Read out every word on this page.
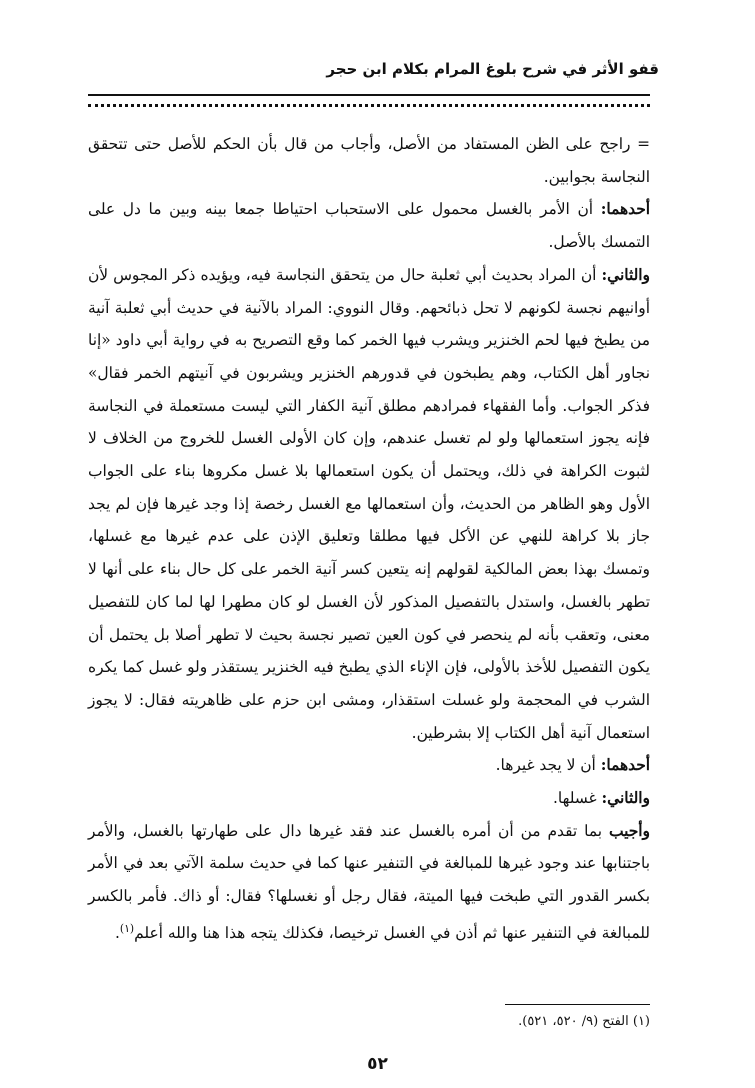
قفو الأثر في شرح بلوغ المرام بكلام ابن حجر

= راجح على الظن المستفاد من الأصل، وأجاب من قال بأن الحكم للأصل حتى تتحقق النجاسة بجوابين.

أحدهما: أن الأمر بالغسل محمول على الاستحباب احتياطا جمعا بينه وبين ما دل على التمسك بالأصل.

والثاني: أن المراد بحديث أبي ثعلبة حال من يتحقق النجاسة فيه، ويؤيده ذكر المجوس لأن أوانيهم نجسة لكونهم لا تحل ذبائحهم. وقال النووي: المراد بالآنية في حديث أبي ثعلبة آنية من يطبخ فيها لحم الخنزير ويشرب فيها الخمر كما وقع التصريح به في رواية أبي داود «إنا نجاور أهل الكتاب، وهم يطبخون في قدورهم الخنزير ويشربون في آنيتهم الخمر فقال» فذكر الجواب. وأما الفقهاء فمرادهم مطلق آنية الكفار التي ليست مستعملة في النجاسة فإنه يجوز استعمالها ولو لم تغسل عندهم، وإن كان الأولى الغسل للخروج من الخلاف لا لثبوت الكراهة في ذلك، ويحتمل أن يكون استعمالها بلا غسل مكروها بناء على الجواب الأول وهو الظاهر من الحديث، وأن استعمالها مع الغسل رخصة إذا وجد غيرها فإن لم يجد جاز بلا كراهة للنهي عن الأكل فيها مطلقا وتعليق الإذن على عدم غيرها مع غسلها، وتمسك بهذا بعض المالكية لقولهم إنه يتعين كسر آنية الخمر على كل حال بناء على أنها لا تطهر بالغسل، واستدل بالتفصيل المذكور لأن الغسل لو كان مطهرا لها لما كان للتفصيل معنى، وتعقب بأنه لم ينحصر في كون العين تصير نجسة بحيث لا تطهر أصلا بل يحتمل أن يكون التفصيل للأخذ بالأولى، فإن الإناء الذي يطبخ فيه الخنزير يستقذر ولو غسل كما يكره الشرب في المحجمة ولو غسلت استقذار، ومشى ابن حزم على ظاهريته فقال: لا يجوز استعمال آنية أهل الكتاب إلا بشرطين.

أحدهما: أن لا يجد غيرها.

والثاني: غسلها.

وأجيب بما تقدم من أن أمره بالغسل عند فقد غيرها دال على طهارتها بالغسل، والأمر باجتنابها عند وجود غيرها للمبالغة في التنفير عنها كما في حديث سلمة الآتي بعد في الأمر بكسر القدور التي طبخت فيها الميتة، فقال رجل أو نغسلها؟ فقال: أو ذاك. فأمر بالكسر للمبالغة في التنفير عنها ثم أذن في الغسل ترخيصا، فكذلك يتجه هذا هنا والله أعلم$^{(١)}$.

(١) الفتح (٩/ ٥٢٠، ٥٢١).
٥٢
